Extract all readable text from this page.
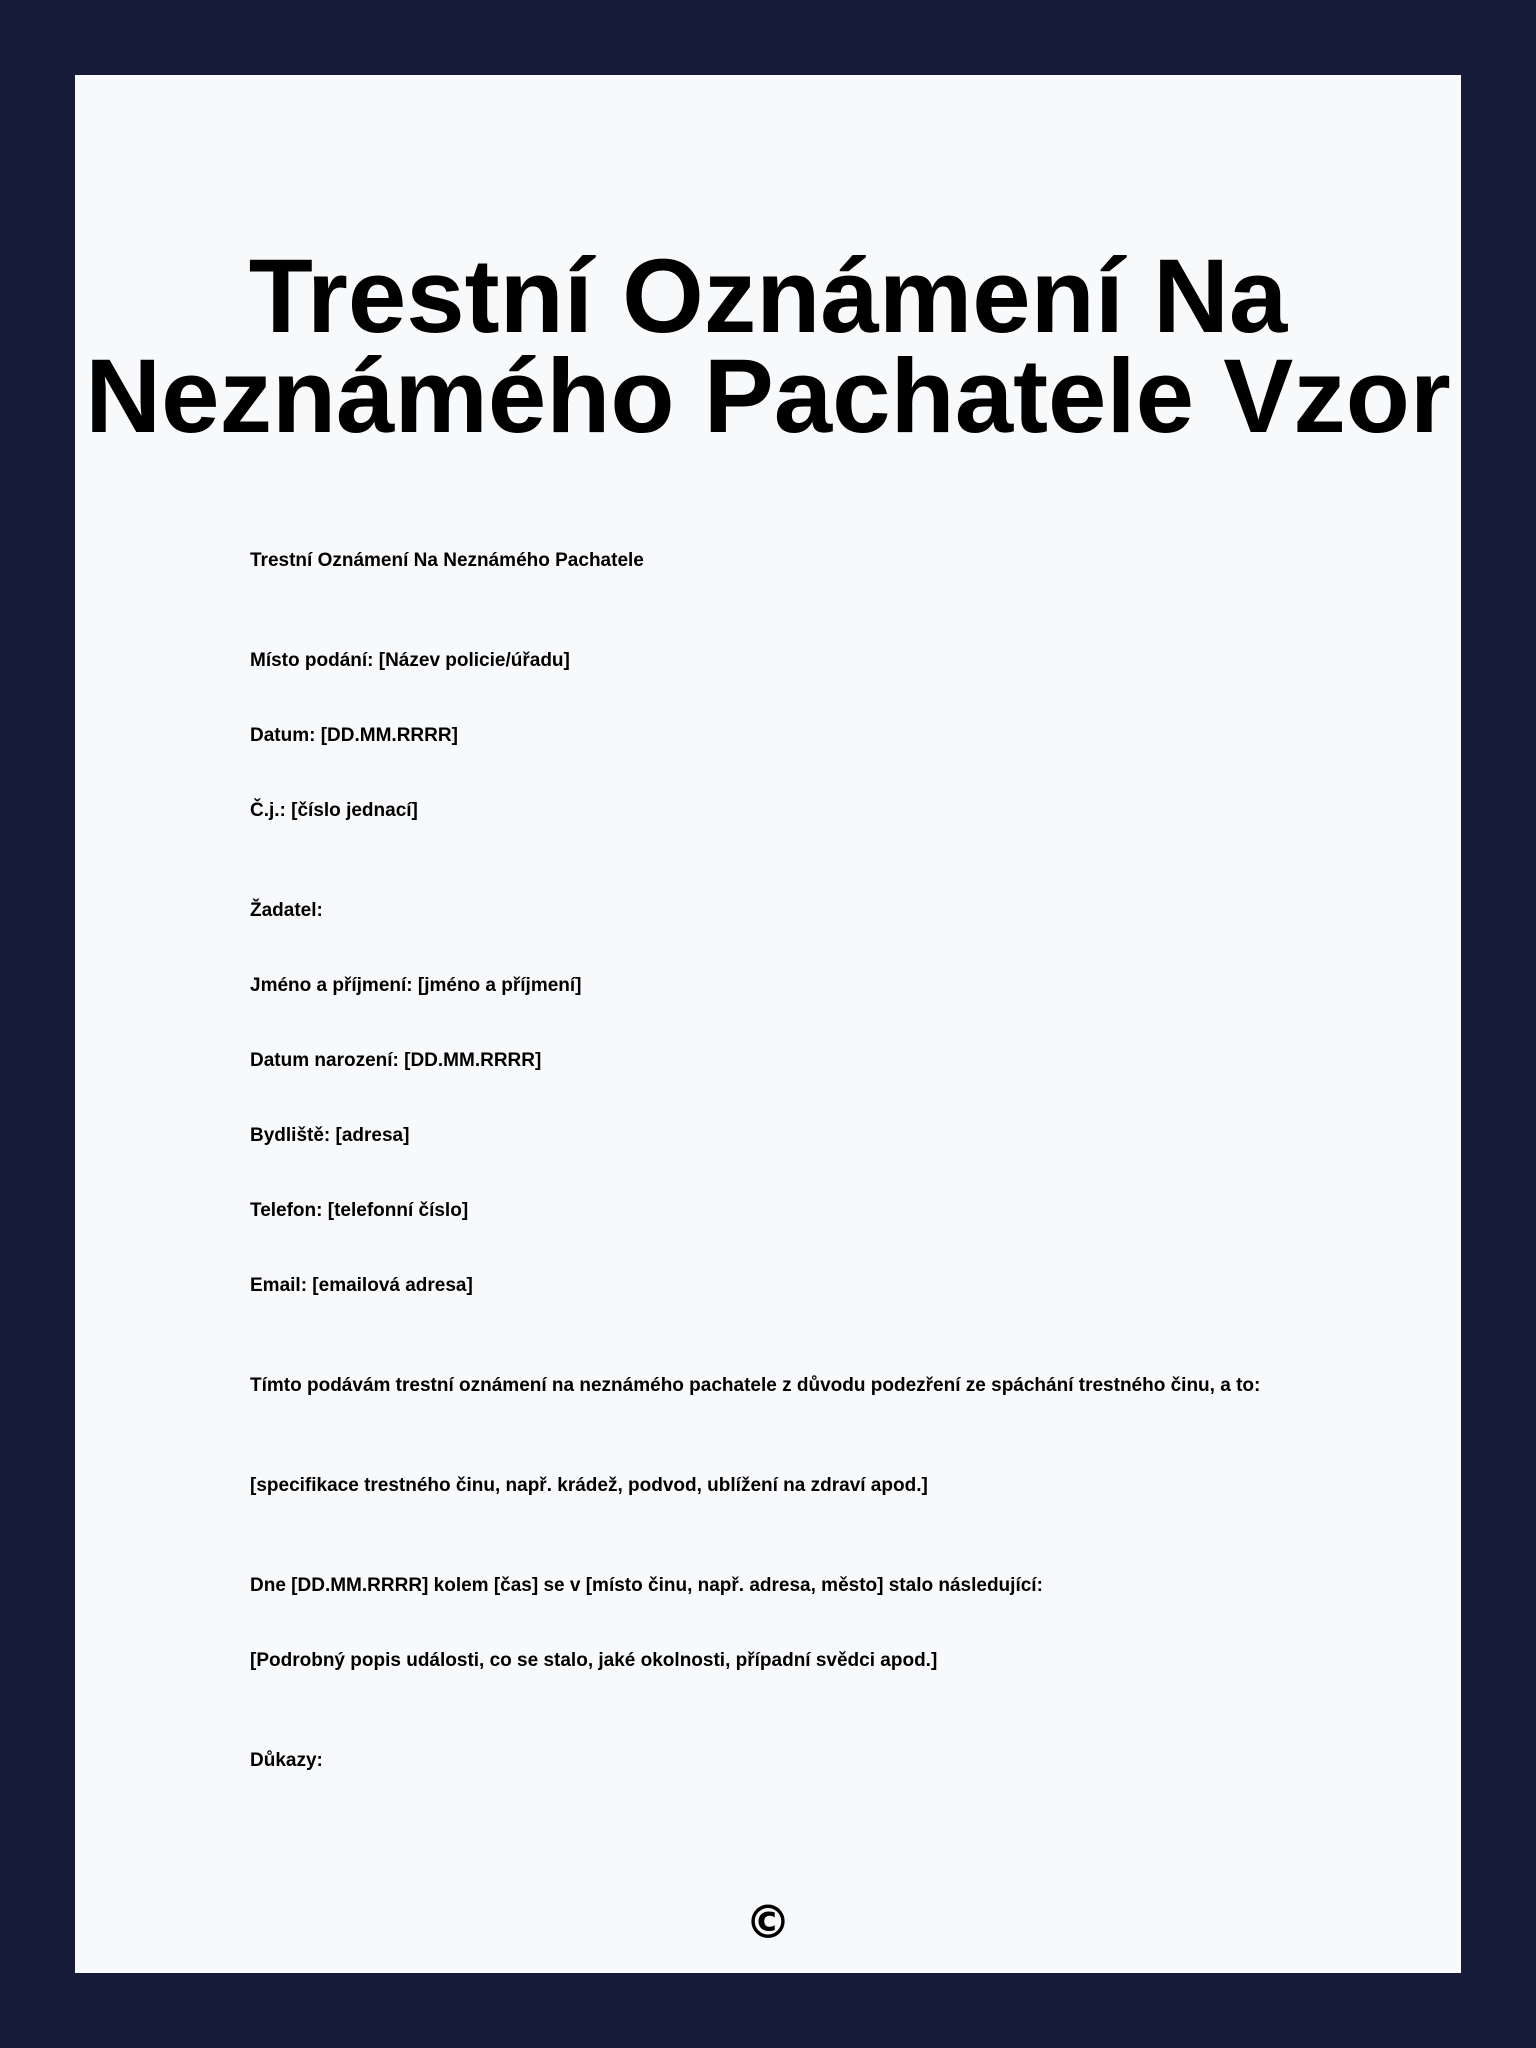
Trestní Oznámení Na
Neznámého Pachatele Vzor

Trestní Oznámení Na Neznámého Pachatele

Místo podání: [Název policie/úřadu]

Datum: [DD.MM.RRRR]

Č.j.: [číslo jednací]

Žadatel:

Jméno a příjmení: [jméno a příjmení]

Datum narození: [DD.MM.RRRR]

Bydliště: [adresa]

Telefon: [telefonní číslo]

Email: [emailová adresa]

Tímto podávám trestní oznámení na neznámého pachatele z důvodu podezření ze spáchání trestného činu, a to:

[specifikace trestného činu, např. krádež, podvod, ublížení na zdraví apod.]

Dne [DD.MM.RRRR] kolem [čas] se v [místo činu, např. adresa, město] stalo následující:

[Podrobný popis události, co se stalo, jaké okolnosti, případní svědci apod.]

Důkazy:

©
